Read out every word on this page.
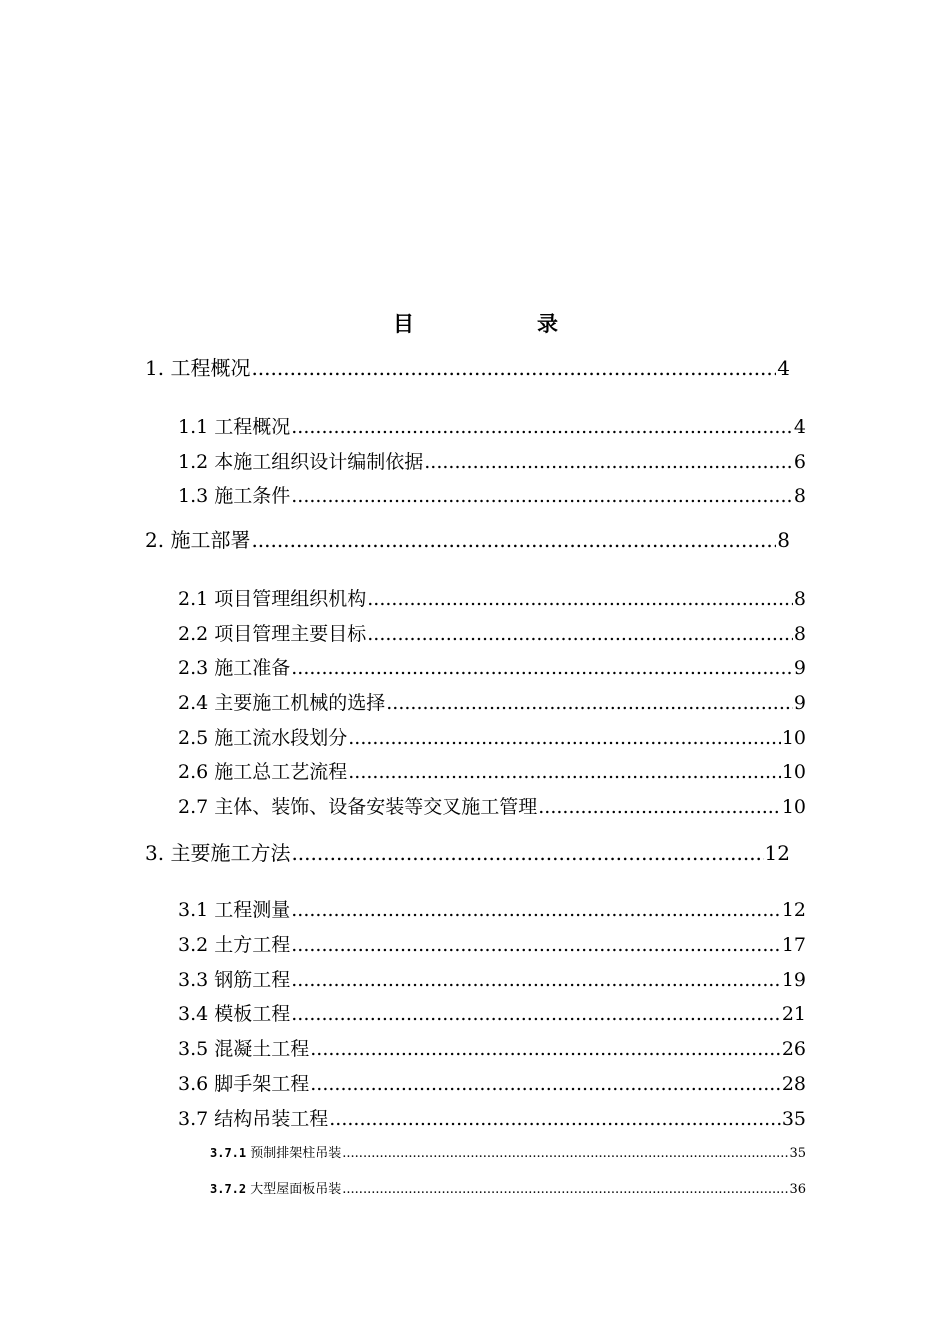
目	录
1. 工程概况 .....	4
1.1 工程概况 .....	4
1.2 本施工组织设计编制依据 .....	6
1.3 施工条件 .....	8
2. 施工部署 .....	8
2.1 项目管理组织机构 .....	8
2.2 项目管理主要目标 .....	8
2.3 施工准备 .....	9
2.4 主要施工机械的选择 .....	9
2.5 施工流水段划分 .....	10
2.6 施工总工艺流程 .....	10
2.7 主体、装饰、设备安装等交叉施工管理 .....	10
3. 主要施工方法 .....	12
3.1 工程测量 .....	12
3.2 土方工程 .....	17
3.3 钢筋工程 .....	19
3.4 模板工程 .....	21
3.5 混凝土工程 .....	26
3.6 脚手架工程 .....	28
3.7 结构吊装工程 .....	35
3.7.1 预制排架柱吊装 .....	35
3.7.2 大型屋面板吊装 .....	36
